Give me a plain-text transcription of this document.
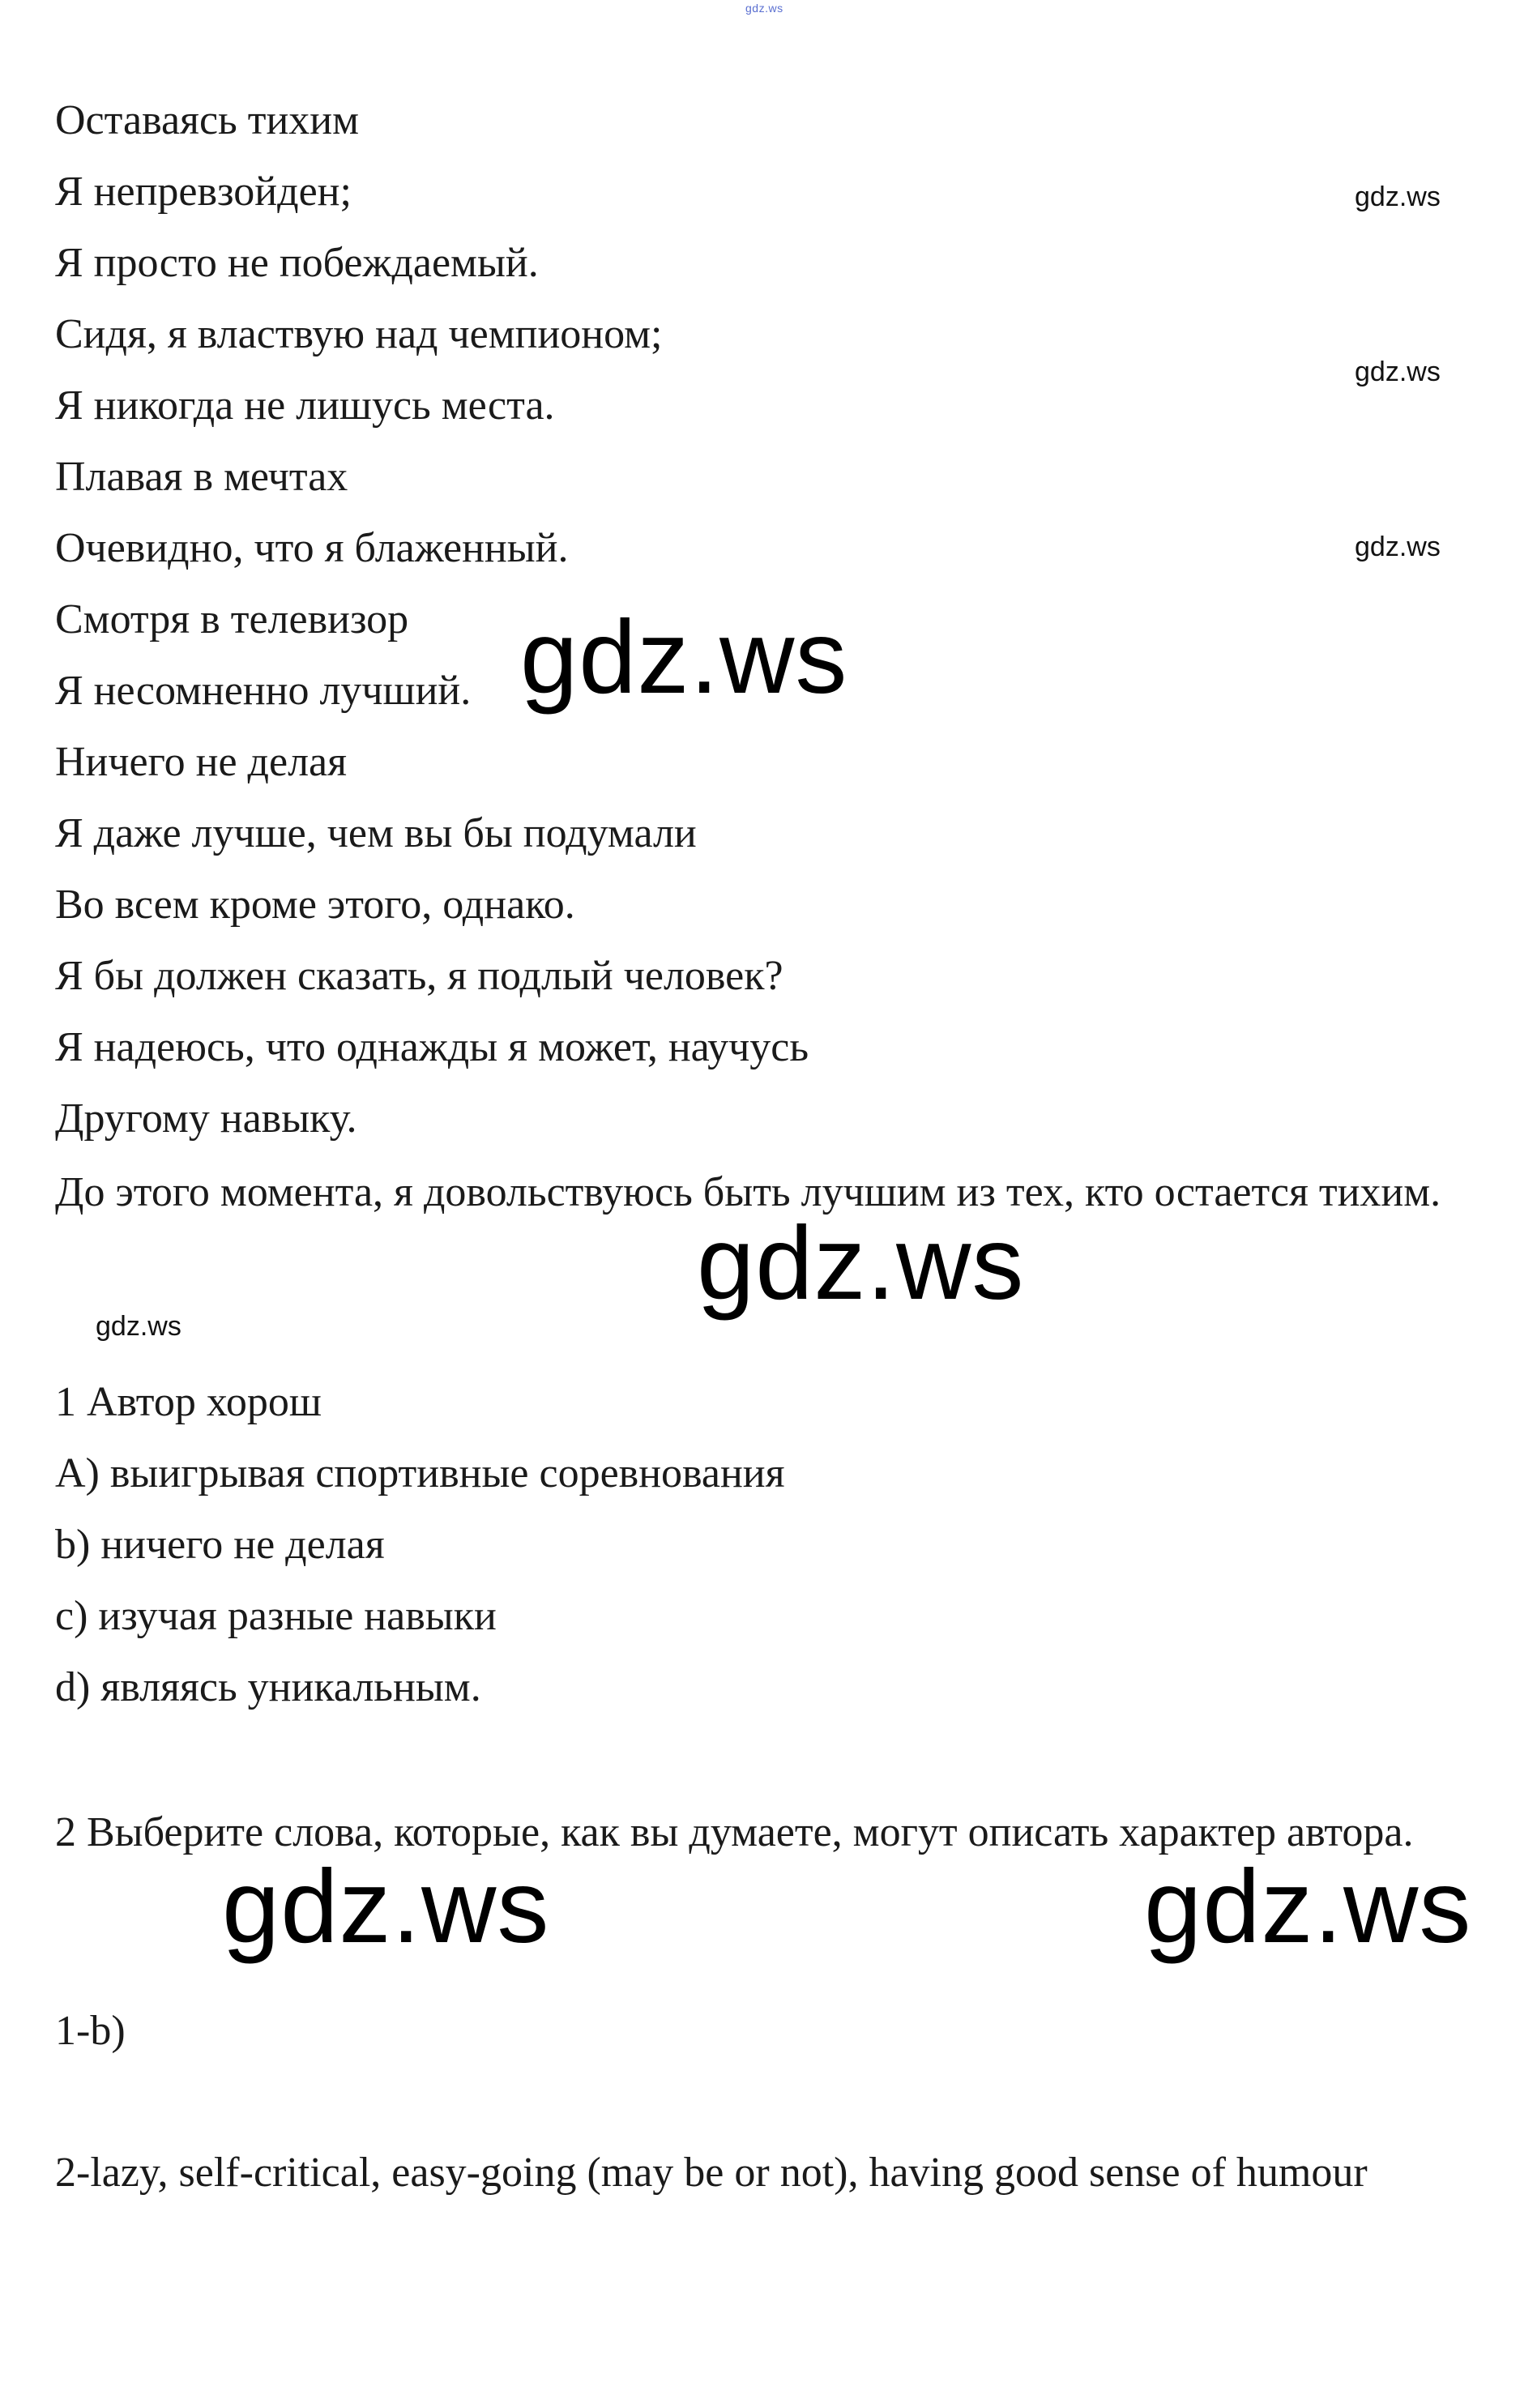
gdz.ws
Оставаясь тихим
Я непревзойден;
Я просто не побеждаемый.
Сидя, я властвую над чемпионом;
Я никогда не лишусь места.
Плавая в мечтах
Очевидно, что я блаженный.
Смотря в телевизор
Я несомненно лучший.
Ничего не делая
Я даже лучше, чем вы бы подумали
Во всем кроме этого, однако.
Я бы должен сказать, я подлый человек?
Я надеюсь, что однажды я может, научусь
Другому навыку.
До этого момента, я довольствуюсь быть лучшим из тех, кто остается тихим.
1 Автор хорош
A) выигрывая спортивные соревнования
b) ничего не делая
c) изучая разные навыки
d) являясь уникальным.
2 Выберите слова, которые, как вы думаете, могут описать характер автора.
1-b)
2-lazy, self-critical, easy-going (may be or not), having good sense of humour
gdz.ws
gdz.ws
gdz.ws
gdz.ws
gdz.ws
gdz.ws
gdz.ws	gdz.ws
